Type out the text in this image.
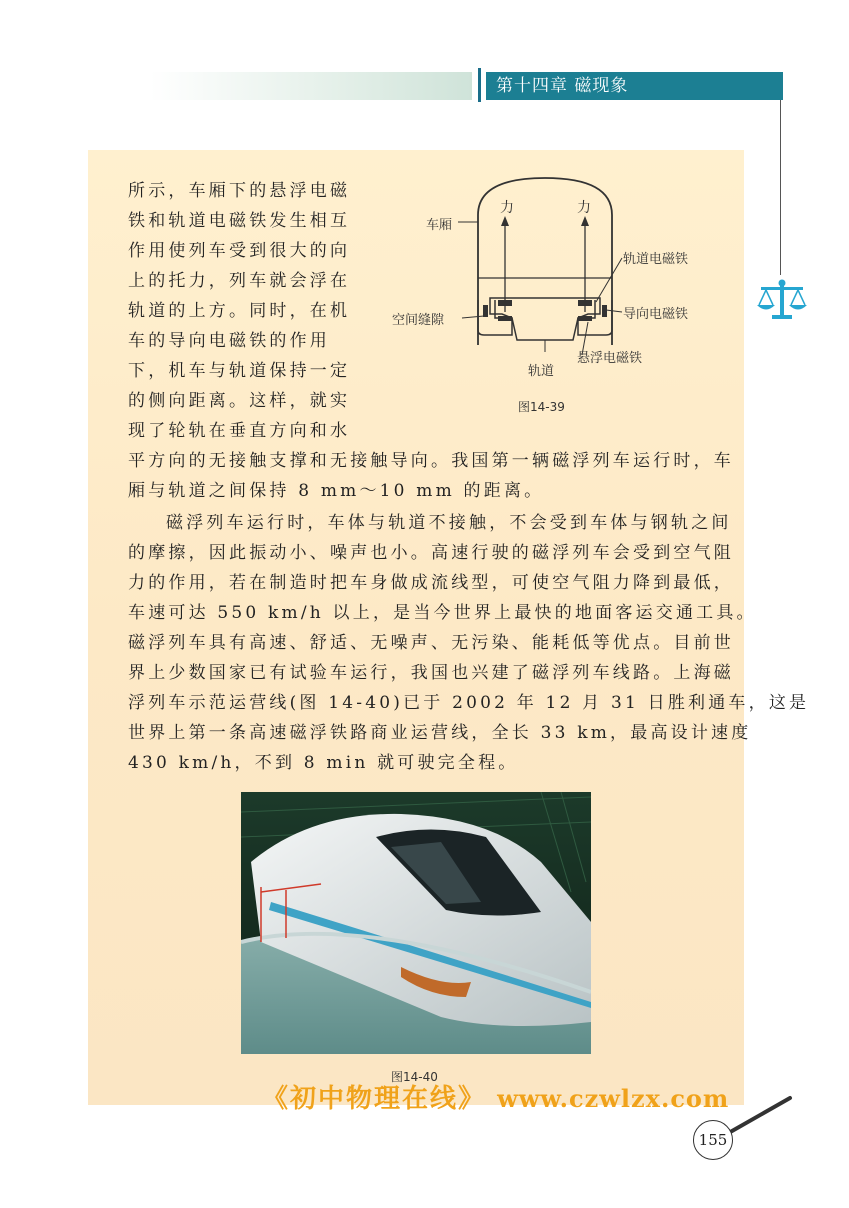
第十四章 磁现象
所示，车厢下的悬浮电磁
铁和轨道电磁铁发生相互
作用使列车受到很大的向
上的托力，列车就会浮在
轨道的上方。同时，在机
车的导向电磁铁的作用
下，机车与轨道保持一定
的侧向距离。这样，就实
现了轮轨在垂直方向和水
平方向的无接触支撑和无接触导向。我国第一辆磁浮列车运行时，车
厢与轨道之间保持 8 mm～10 mm 的距离。
磁浮列车运行时，车体与轨道不接触，不会受到车体与钢轨之间
的摩擦，因此振动小、噪声也小。高速行驶的磁浮列车会受到空气阻
力的作用，若在制造时把车身做成流线型，可使空气阻力降到最低，
车速可达 550 km/h 以上，是当今世界上最快的地面客运交通工具。
磁浮列车具有高速、舒适、无噪声、无污染、能耗低等优点。目前世
界上少数国家已有试验车运行，我国也兴建了磁浮列车线路。上海磁
浮列车示范运营线(图 14-40)已于 2002 年 12 月 31 日胜利通车，这是
世界上第一条高速磁浮铁路商业运营线，全长 33 km，最高设计速度
430 km/h，不到 8 min 就可驶完全程。
力	力
车厢
轨道电磁铁
空间缝隙	导向电磁铁
悬浮电磁铁
轨道
图14-39
图14-40
《初中物理在线》 www.czwlzx.com
155
